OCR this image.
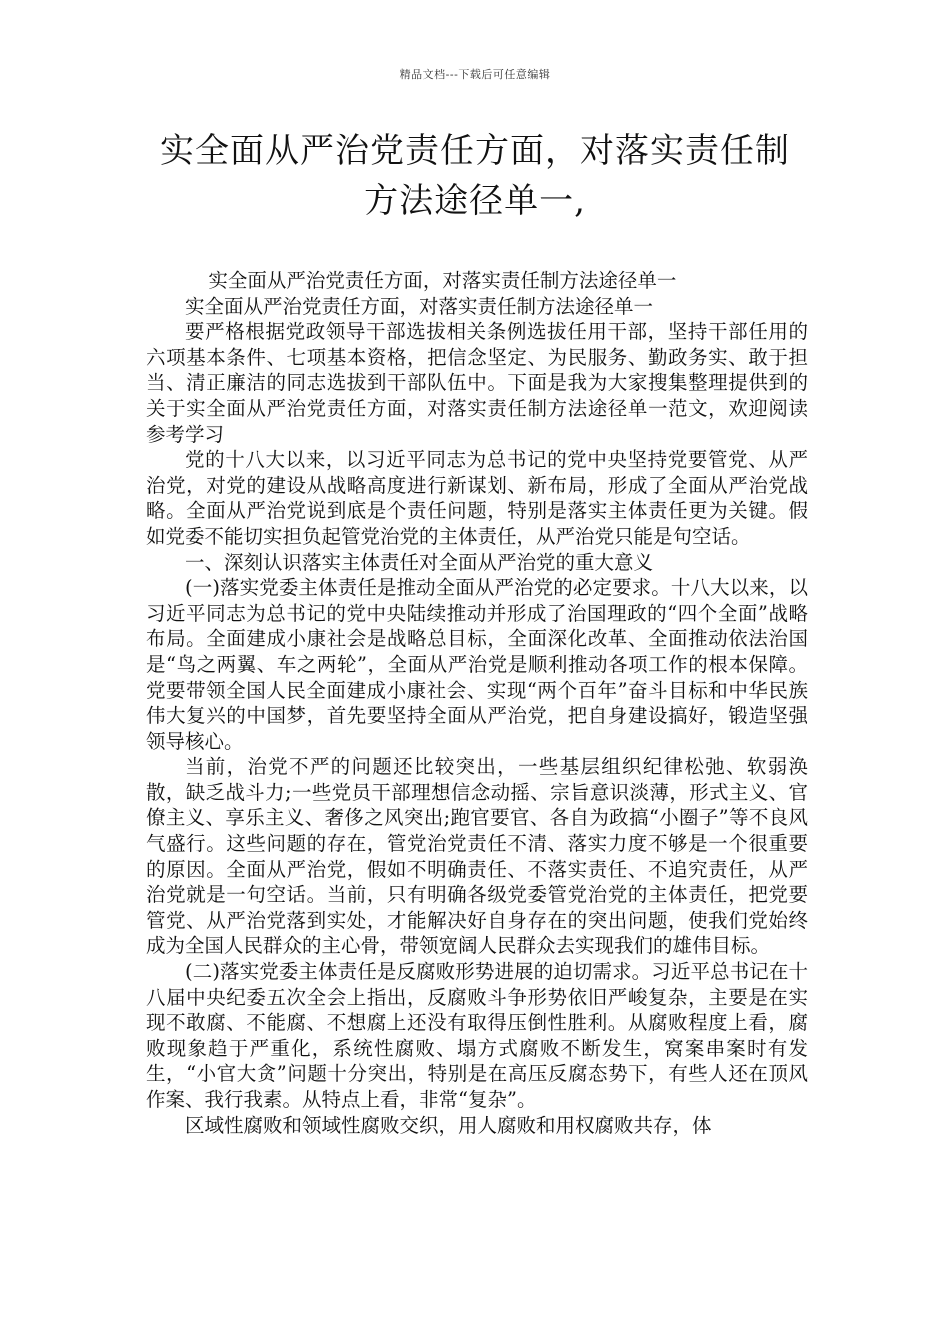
精品文档---下载后可任意编辑
实全面从严治党责任方面，对落实责任制
方法途径单一,

实全面从严治党责任方面，对落实责任制方法途径单一

实全面从严治党责任方面，对落实责任制方法途径单一

要严格根据党政领导干部选拔相关条例选拔任用干部，坚持干部任用的六项基本条件、七项基本资格，把信念坚定、为民服务、勤政务实、敢于担当、清正廉洁的同志选拔到干部队伍中。下面是我为大家搜集整理提供到的关于实全面从严治党责任方面，对落实责任制方法途径单一范文，欢迎阅读参考学习

党的十八大以来，以习近平同志为总书记的党中央坚持党要管党、从严治党，对党的建设从战略高度进行新谋划、新布局，形成了全面从严治党战略。全面从严治党说到底是个责任问题，特别是落实主体责任更为关键。假如党委不能切实担负起管党治党的主体责任，从严治党只能是句空话。

一、深刻认识落实主体责任对全面从严治党的重大意义

(一)落实党委主体责任是推动全面从严治党的必定要求。十八大以来，以习近平同志为总书记的党中央陆续推动并形成了治国理政的“四个全面”战略布局。全面建成小康社会是战略总目标，全面深化改革、全面推动依法治国是“鸟之两翼、车之两轮”，全面从严治党是顺利推动各项工作的根本保障。党要带领全国人民全面建成小康社会、实现“两个百年”奋斗目标和中华民族伟大复兴的中国梦，首先要坚持全面从严治党，把自身建设搞好，锻造坚强领导核心。

当前，治党不严的问题还比较突出，一些基层组织纪律松弛、软弱涣散，缺乏战斗力;一些党员干部理想信念动摇、宗旨意识淡薄，形式主义、官僚主义、享乐主义、奢侈之风突出;跑官要官、各自为政搞“小圈子”等不良风气盛行。这些问题的存在，管党治党责任不清、落实力度不够是一个很重要的原因。全面从严治党，假如不明确责任、不落实责任、不追究责任，从严治党就是一句空话。当前，只有明确各级党委管党治党的主体责任，把党要管党、从严治党落到实处，才能解决好自身存在的突出问题，使我们党始终成为全国人民群众的主心骨，带领宽阔人民群众去实现我们的雄伟目标。

(二)落实党委主体责任是反腐败形势进展的迫切需求。习近平总书记在十八届中央纪委五次全会上指出，反腐败斗争形势依旧严峻复杂，主要是在实现不敢腐、不能腐、不想腐上还没有取得压倒性胜利。从腐败程度上看，腐败现象趋于严重化，系统性腐败、塌方式腐败不断发生，窝案串案时有发生，“小官大贪”问题十分突出，特别是在高压反腐态势下，有些人还在顶风作案、我行我素。从特点上看，非常“复杂”。

区域性腐败和领域性腐败交织，用人腐败和用权腐败共存，体
